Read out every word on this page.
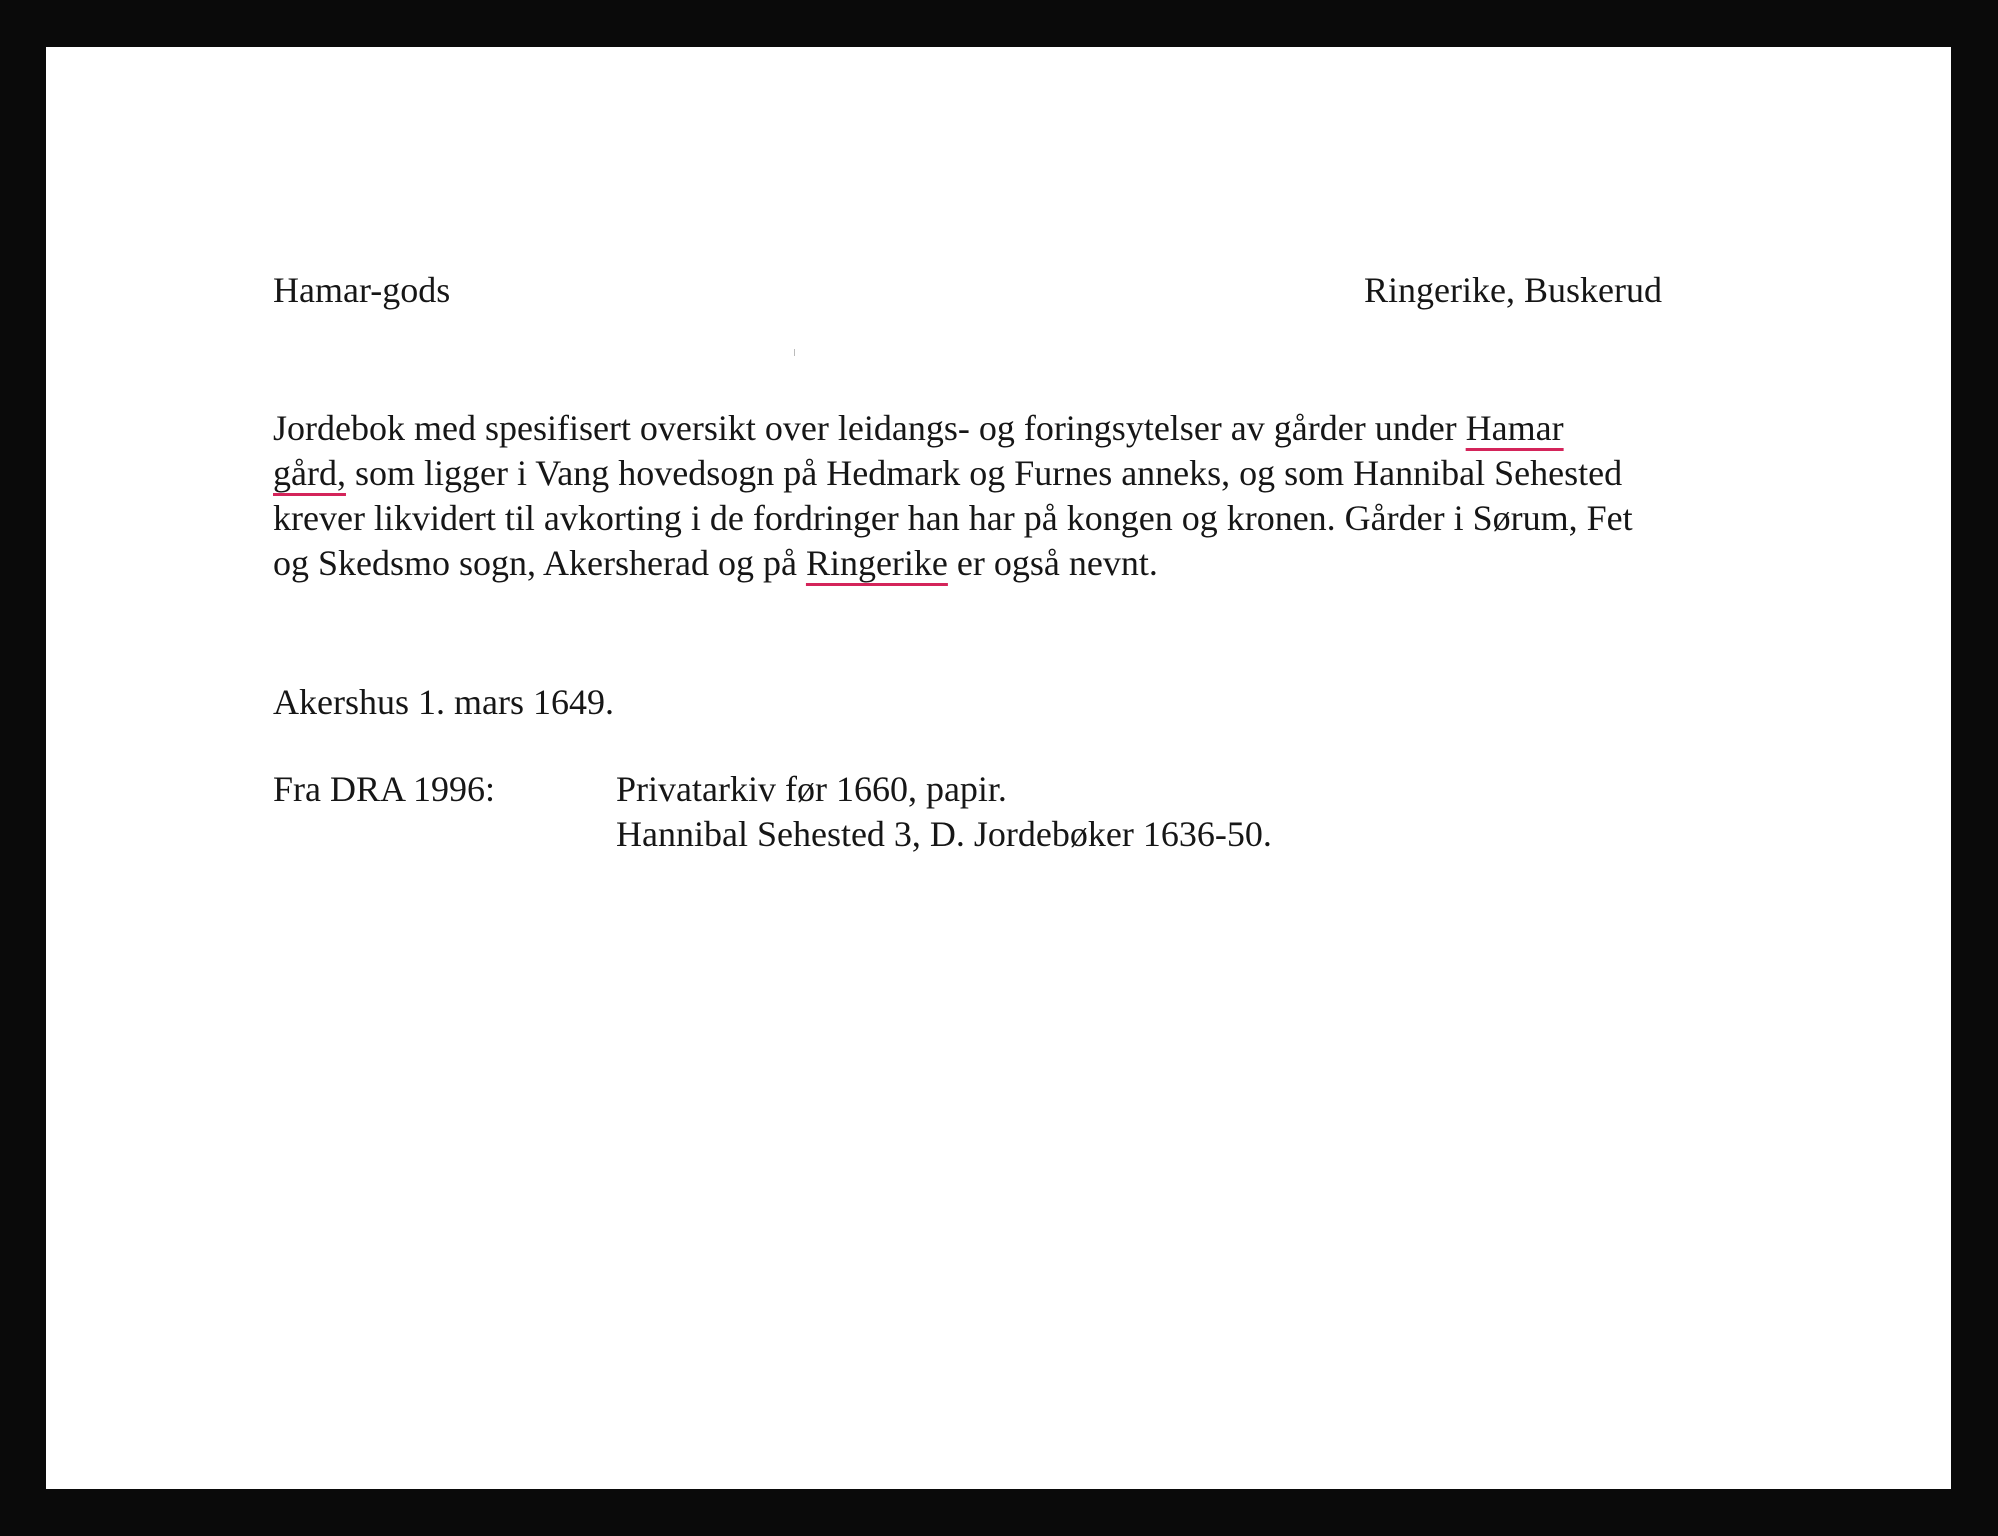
Hamar-gods	Ringerike, Buskerud
Jordebok med spesifisert oversikt over leidangs- og foringsytelser av gårder under Hamar
gård, som ligger i Vang hovedsogn på Hedmark og Furnes anneks, og som Hannibal Sehested
krever likvidert til avkorting i de fordringer han har på kongen og kronen. Gårder i Sørum, Fet
og Skedsmo sogn, Akersherad og på Ringerike er også nevnt.
Akershus 1. mars 1649.
Fra DRA 1996:	Privatarkiv før 1660, papir.
Hannibal Sehested 3, D. Jordebøker 1636-50.
